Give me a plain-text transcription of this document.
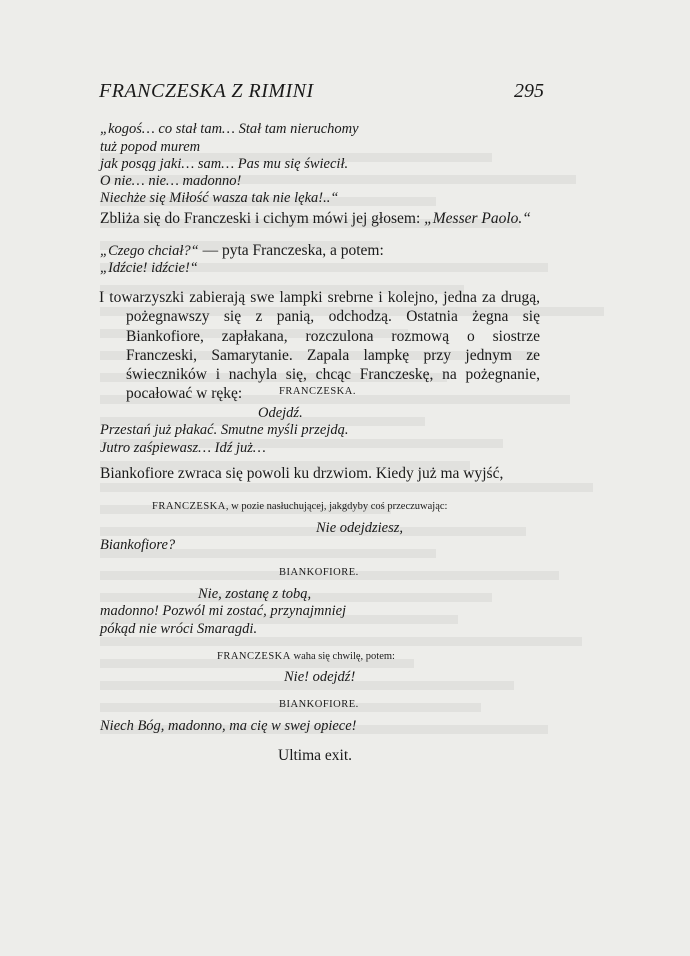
FRANCZESKA Z RIMINI	295
„kogoś… co stał tam… Stał tam nieruchomy
tuż popod murem
jak posąg jaki… sam… Pas mu się świecił.
O nie… nie… madonno!
Niechże się Miłość wasza tak nie lęka!..“
Zbliża się do Franczeski i cichym mówi jej głosem: „Messer Paolo.“
„Czego chciał?“ — pyta Franczeska, a potem:
„Idźcie! idźcie!“
I towarzyszki zabierają swe lampki srebrne i kolejno, jedna za drugą, pożegnawszy się z panią, odchodzą. Ostatnia żegna się Biankofiore, zapłakana, rozczulona rozmową o siostrze Franczeski, Samarytanie. Zapala lampkę przy jednym ze świeczników i nachyla się, chcąc Franczeskę, na pożegnanie, pocałować w rękę:	FRANCZESKA.
Odejdź.
Przestań już płakać. Smutne myśli przejdą.
Jutro zaśpiewasz… Idź już…
Biankofiore zwraca się powoli ku drzwiom. Kiedy już ma wyjść,
FRANCZESKA, w pozie nasłuchującej, jakgdyby coś przeczuwając:
Nie odejdziesz,
Biankofiore?
BIANKOFIORE.
Nie, zostanę z tobą,
madonno! Pozwól mi zostać, przynajmniej
pókąd nie wróci Smaragdi.
FRANCZESKA waha się chwilę, potem:
Nie! odejdź!
BIANKOFIORE.
Niech Bóg, madonno, ma cię w swej opiece!
Ultima exit.
